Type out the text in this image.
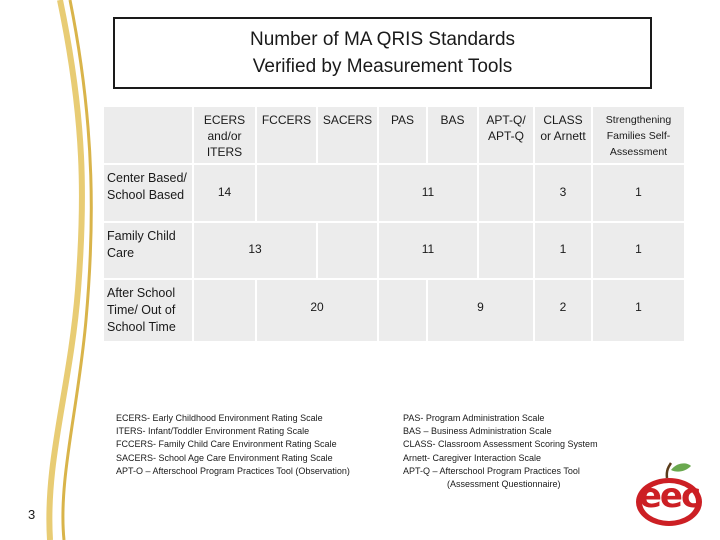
Number of MA QRIS Standards
Verified by Measurement Tools
	ECERS and/or ITERS	FCCERS	SACERS	PAS	BAS	APT-Q/ APT-Q	CLASS or Arnett	Strengthening Families Self-Assessment
Center Based/ School Based	14			11			3	1
Family Child Care	13			11			1	1
After School Time/ Out of School Time		20			9		2	1
ECERS- Early Childhood Environment Rating Scale
ITERS- Infant/Toddler Environment Rating Scale
FCCERS- Family Child Care Environment Rating Scale
SACERS- School Age Care Environment Rating Scale
APT-O – Afterschool Program Practices Tool (Observation)
PAS- Program Administration Scale
BAS – Business Administration Scale
CLASS- Classroom Assessment Scoring System
Arnett- Caregiver Interaction Scale
APT-Q – Afterschool Program Practices Tool
(Assessment Questionnaire)
3	eec
